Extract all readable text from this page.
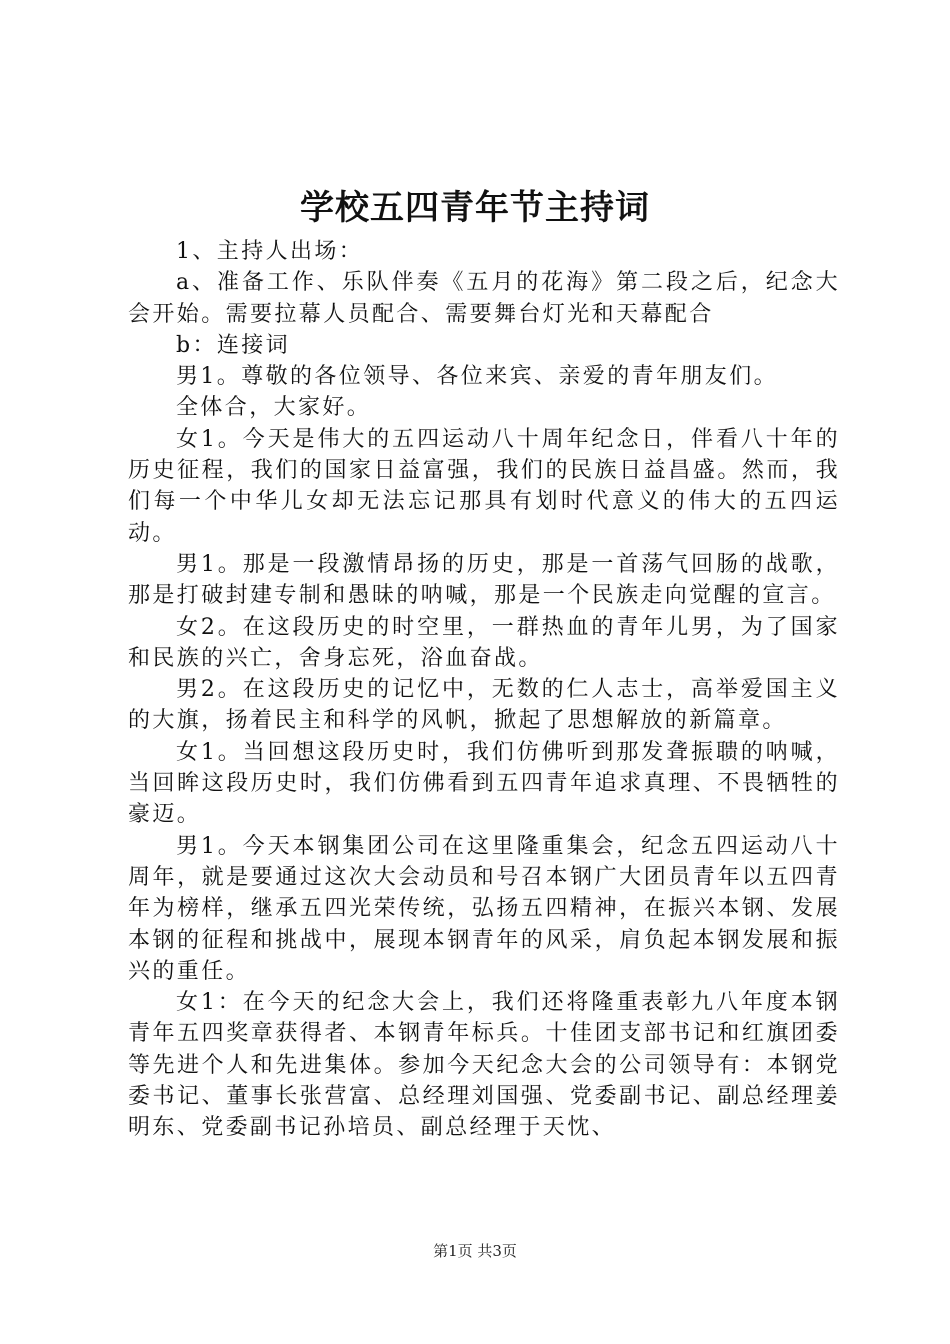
学校五四青年节主持词

1、主持人出场：

a、准备工作、乐队伴奏《五月的花海》第二段之后，纪念大会开始。需要拉幕人员配合、需要舞台灯光和天幕配合

b：连接词

男1。尊敬的各位领导、各位来宾、亲爱的青年朋友们。

全体合，大家好。

女1。今天是伟大的五四运动八十周年纪念日，伴看八十年的历史征程，我们的国家日益富强，我们的民族日益昌盛。然而，我们每一个中华儿女却无法忘记那具有划时代意义的伟大的五四运动。

男1。那是一段激情昂扬的历史，那是一首荡气回肠的战歌，那是打破封建专制和愚昧的呐喊，那是一个民族走向觉醒的宣言。

女2。在这段历史的时空里，一群热血的青年儿男，为了国家和民族的兴亡，舍身忘死，浴血奋战。

男2。在这段历史的记忆中，无数的仁人志士，高举爱国主义的大旗，扬着民主和科学的风帆，掀起了思想解放的新篇章。

女1。当回想这段历史时，我们仿佛听到那发聋振聩的呐喊，当回眸这段历史时，我们仿佛看到五四青年追求真理、不畏牺牲的豪迈。

男1。今天本钢集团公司在这里隆重集会，纪念五四运动八十周年，就是要通过这次大会动员和号召本钢广大团员青年以五四青年为榜样，继承五四光荣传统，弘扬五四精神，在振兴本钢、发展本钢的征程和挑战中，展现本钢青年的风采，肩负起本钢发展和振兴的重任。

女1：在今天的纪念大会上，我们还将隆重表彰九八年度本钢青年五四奖章获得者、本钢青年标兵。十佳团支部书记和红旗团委等先进个人和先进集体。参加今天纪念大会的公司领导有：本钢党委书记、董事长张营富、总经理刘国强、党委副书记、副总经理姜明东、党委副书记孙培员、副总经理于天忱、

第1页 共3页
